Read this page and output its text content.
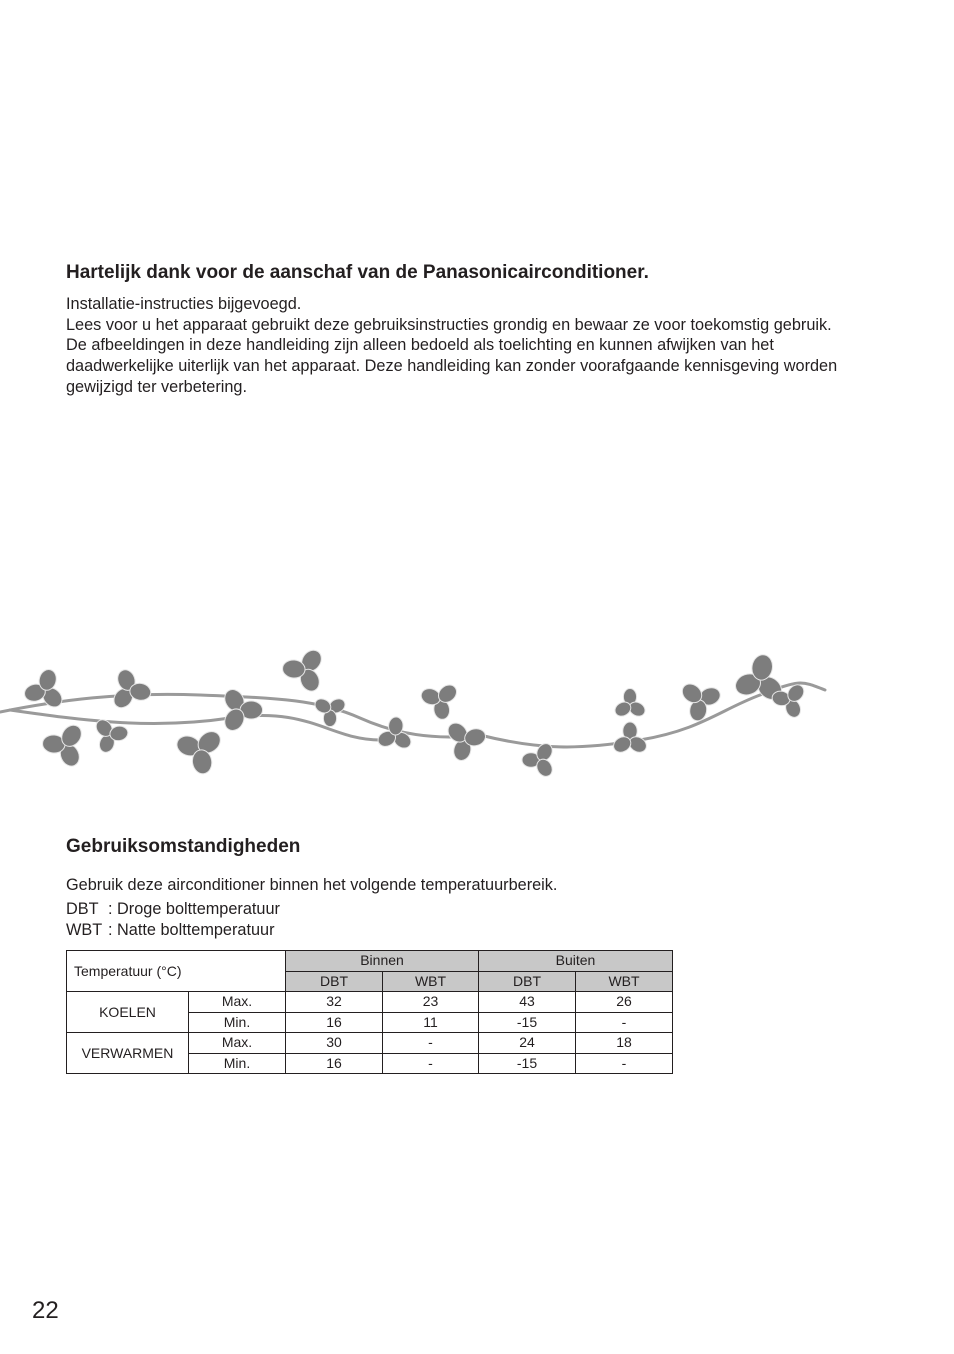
Hartelijk dank voor de aanschaf van de Panasonicairconditioner.

Installatie-instructies bijgevoegd.

Lees voor u het apparaat gebruikt deze gebruiksinstructies grondig en bewaar ze voor toekomstig gebruik.

De afbeeldingen in deze handleiding zijn alleen bedoeld als toelichting en kunnen afwijken van het daadwerkelijke uiterlijk van het apparaat. Deze handleiding kan zonder voorafgaande kennisgeving worden gewijzigd ter verbetering.

Gebruiksomstandigheden

Gebruik deze airconditioner binnen het volgende temperatuurbereik.

DBT : Droge bolttemperatuur

WBT : Natte bolttemperatuur

Temperatuur (°C)		Binnen		Buiten	
		DBT	WBT	DBT	WBT
KOELEN	Max.	32	23	43	26
	Min.	16	11	-15	-
VERWARMEN	Max.	30	-	24	18
	Min.	16	-	-15	-
22
